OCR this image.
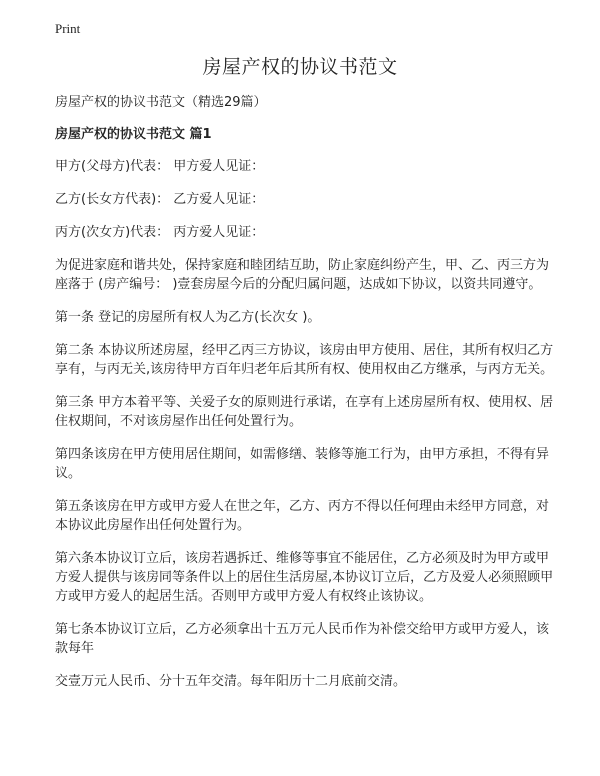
Print
房屋产权的协议书范文

房屋产权的协议书范文（精选29篇）

房屋产权的协议书范文 篇1

甲方(父母方)代表： 甲方爱人见证：

乙方(长女方代表)： 乙方爱人见证：

丙方(次女方)代表： 丙方爱人见证：

为促进家庭和谐共处，保持家庭和睦团结互助，防止家庭纠纷产生，甲、乙、丙三方为座落于 (房产编号： )壹套房屋今后的分配归属问题，达成如下协议，以资共同遵守。

第一条 登记的房屋所有权人为乙方(长次女 )。

第二条 本协议所述房屋，经甲乙丙三方协议，该房由甲方使用、居住，其所有权归乙方享有，与丙无关,该房待甲方百年归老年后其所有权、使用权由乙方继承，与丙方无关。

第三条 甲方本着平等、关爱子女的原则进行承诺，在享有上述房屋所有权、使用权、居住权期间，不对该房屋作出任何处置行为。

第四条该房在甲方使用居住期间，如需修缮、装修等施工行为，由甲方承担，不得有异议。

第五条该房在甲方或甲方爱人在世之年，乙方、丙方不得以任何理由未经甲方同意，对本协议此房屋作出任何处置行为。

第六条本协议订立后，该房若遇拆迁、维修等事宜不能居住，乙方必须及时为甲方或甲方爱人提供与该房同等条件以上的居住生活房屋,本协议订立后，乙方及爱人必须照顾甲方或甲方爱人的起居生活。否则甲方或甲方爱人有权终止该协议。

第七条本协议订立后，乙方必须拿出十五万元人民币作为补偿交给甲方或甲方爱人，该款每年

交壹万元人民币、分十五年交清。每年阳历十二月底前交清。
